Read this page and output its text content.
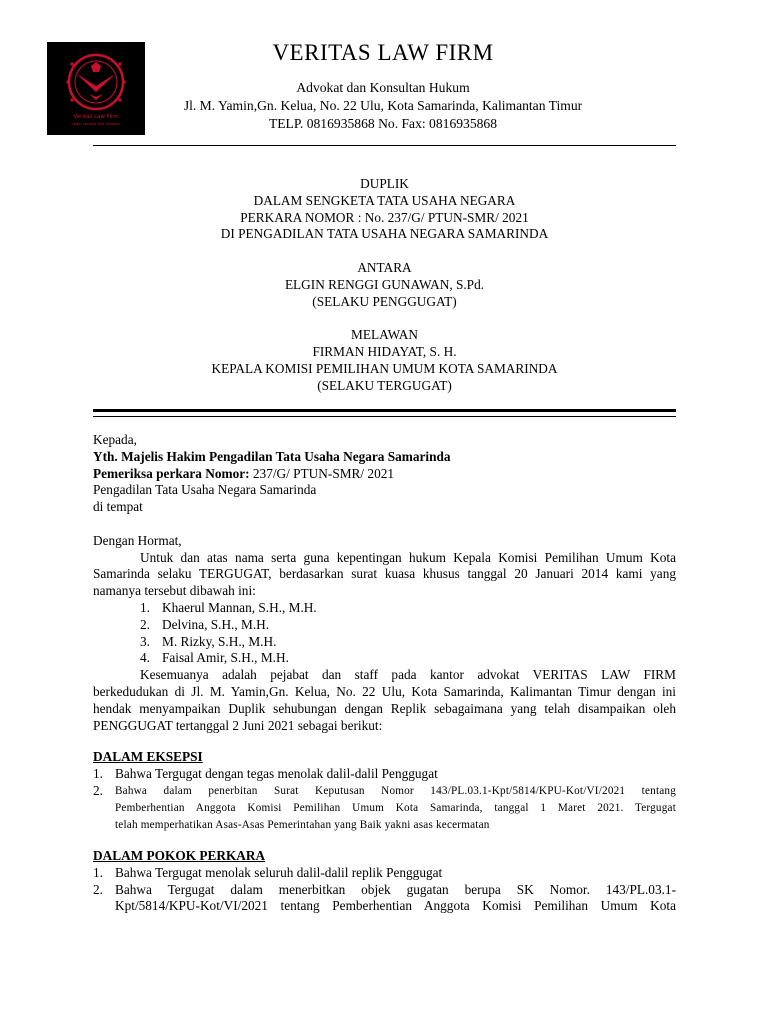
Veritas Law Firm
Legal Service And Solution
VERITAS LAW FIRM
Advokat dan Konsultan Hukum
Jl. M. Yamin,Gn. Kelua, No. 22 Ulu, Kota Samarinda, Kalimantan Timur
TELP. 0816935868 No. Fax: 0816935868
DUPLIK
DALAM SENGKETA TATA USAHA NEGARA
PERKARA NOMOR : No. 237/G/ PTUN-SMR/ 2021
DI PENGADILAN TATA USAHA NEGARA SAMARINDA
ANTARA
ELGIN RENGGI GUNAWAN, S.Pd.
(SELAKU PENGGUGAT)
MELAWAN
FIRMAN HIDAYAT, S. H.
KEPALA KOMISI PEMILIHAN UMUM KOTA SAMARINDA
(SELAKU TERGUGAT)
Kepada,
Yth. Majelis Hakim Pengadilan Tata Usaha Negara Samarinda
Pemeriksa perkara Nomor: 237/G/ PTUN-SMR/ 2021
Pengadilan Tata Usaha Negara Samarinda
di tempat
Dengan Hormat,
Untuk dan atas nama serta guna kepentingan hukum Kepala Komisi Pemilihan Umum Kota
Samarinda selaku TERGUGAT, berdasarkan surat kuasa khusus tanggal 20 Januari 2014 kami yang
namanya tersebut dibawah ini:
1. Khaerul Mannan, S.H., M.H.
2. Delvina, S.H., M.H.
3. M. Rizky, S.H., M.H.
4. Faisal Amir, S.H., M.H.
Kesemuanya adalah pejabat dan staff pada kantor advokat VERITAS LAW FIRM
berkedudukan di Jl. M. Yamin,Gn. Kelua, No. 22 Ulu, Kota Samarinda, Kalimantan Timur dengan ini
hendak menyampaikan Duplik sehubungan dengan Replik sebagaimana yang telah disampaikan oleh
PENGGUGAT tertanggal 2 Juni 2021 sebagai berikut:
DALAM EKSEPSI
1. Bahwa Tergugat dengan tegas menolak dalil-dalil Penggugat
2.	Bahwa dalam penerbitan Surat Keputusan Nomor 143/PL.03.1-Kpt/5814/KPU-Kot/VI/2021 tentang
Pemberhentian Anggota Komisi Pemilihan Umum Kota Samarinda, tanggal 1 Maret 2021. Tergugat
telah memperhatikan Asas-Asas Pemerintahan yang Baik yakni asas kecermatan
DALAM POKOK PERKARA
1. Bahwa Tergugat menolak seluruh dalil-dalil replik Penggugat
2. Bahwa Tergugat dalam menerbitkan objek gugatan berupa SK Nomor. 143/PL.03.1-
Kpt/5814/KPU-Kot/VI/2021 tentang Pemberhentian Anggota Komisi Pemilihan Umum Kota
